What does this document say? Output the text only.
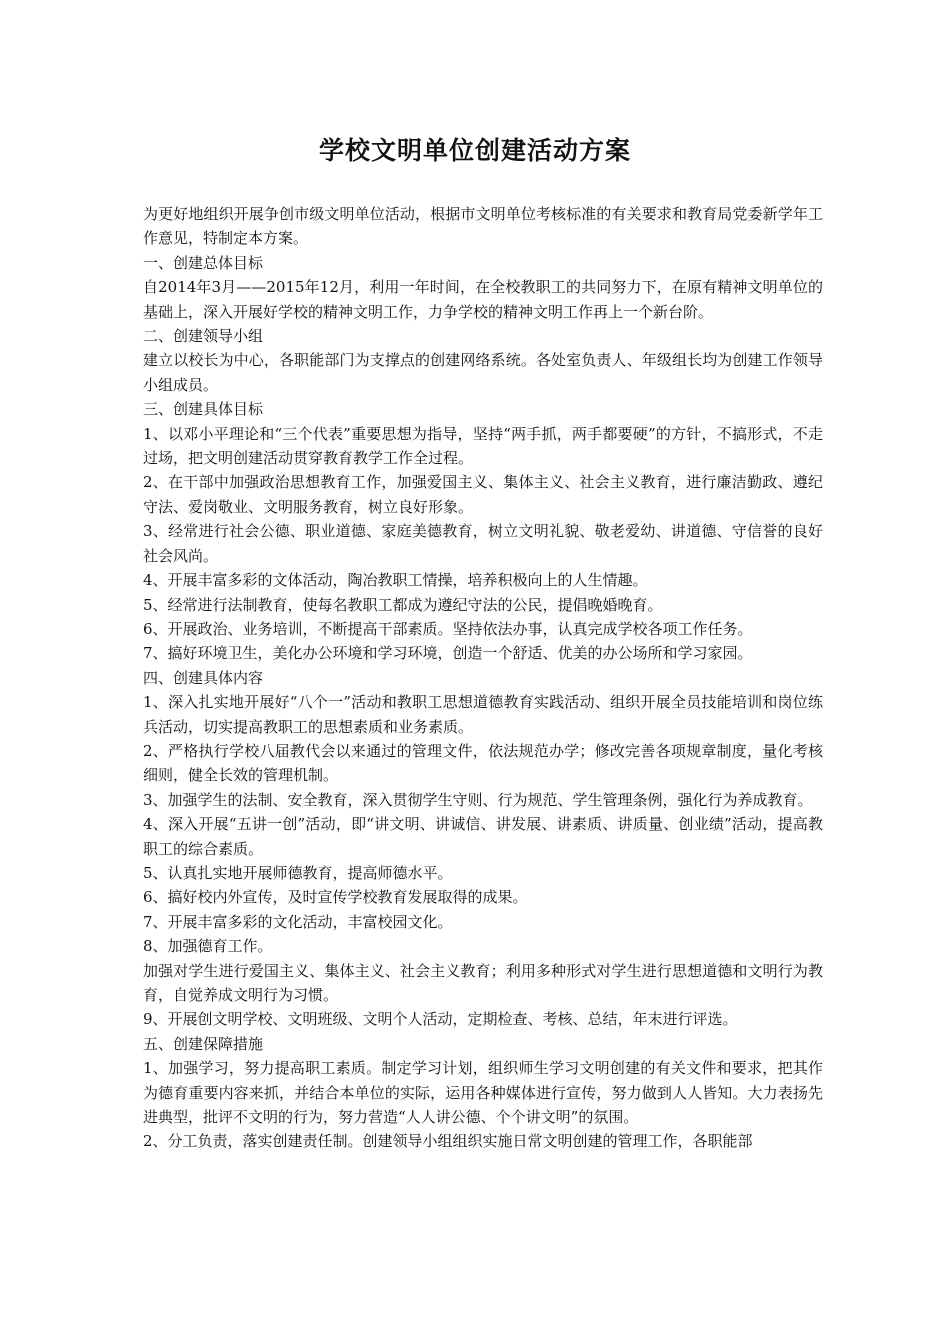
学校文明单位创建活动方案

为更好地组织开展争创市级文明单位活动，根据市文明单位考核标准的有关要求和教育局党委新学年工作意见，特制定本方案。

一、创建总体目标

自2014年3月——2015年12月，利用一年时间，在全校教职工的共同努力下，在原有精神文明单位的基础上，深入开展好学校的精神文明工作，力争学校的精神文明工作再上一个新台阶。

二、创建领导小组

建立以校长为中心，各职能部门为支撑点的创建网络系统。各处室负责人、年级组长均为创建工作领导小组成员。

三、创建具体目标

1、以邓小平理论和“三个代表”重要思想为指导，坚持“两手抓，两手都要硬”的方针，不搞形式，不走过场，把文明创建活动贯穿教育教学工作全过程。

2、在干部中加强政治思想教育工作，加强爱国主义、集体主义、社会主义教育，进行廉洁勤政、遵纪守法、爱岗敬业、文明服务教育，树立良好形象。

3、经常进行社会公德、职业道德、家庭美德教育，树立文明礼貌、敬老爱幼、讲道德、守信誉的良好社会风尚。

4、开展丰富多彩的文体活动，陶冶教职工情操，培养积极向上的人生情趣。

5、经常进行法制教育，使每名教职工都成为遵纪守法的公民，提倡晚婚晚育。

6、开展政治、业务培训，不断提高干部素质。坚持依法办事，认真完成学校各项工作任务。

7、搞好环境卫生，美化办公环境和学习环境，创造一个舒适、优美的办公场所和学习家园。

四、创建具体内容

1、深入扎实地开展好“八个一”活动和教职工思想道德教育实践活动、组织开展全员技能培训和岗位练兵活动，切实提高教职工的思想素质和业务素质。

2、严格执行学校八届教代会以来通过的管理文件，依法规范办学；修改完善各项规章制度，量化考核细则，健全长效的管理机制。

3、加强学生的法制、安全教育，深入贯彻学生守则、行为规范、学生管理条例，强化行为养成教育。

4、深入开展“五讲一创”活动，即“讲文明、讲诚信、讲发展、讲素质、讲质量、创业绩”活动，提高教职工的综合素质。

5、认真扎实地开展师德教育，提高师德水平。

6、搞好校内外宣传，及时宣传学校教育发展取得的成果。

7、开展丰富多彩的文化活动，丰富校园文化。

8、加强德育工作。

加强对学生进行爱国主义、集体主义、社会主义教育；利用多种形式对学生进行思想道德和文明行为教育，自觉养成文明行为习惯。

9、开展创文明学校、文明班级、文明个人活动，定期检查、考核、总结，年末进行评选。

五、创建保障措施

1、加强学习，努力提高职工素质。制定学习计划，组织师生学习文明创建的有关文件和要求，把其作为德育重要内容来抓，并结合本单位的实际，运用各种媒体进行宣传，努力做到人人皆知。大力表扬先进典型，批评不文明的行为，努力营造“人人讲公德、个个讲文明”的氛围。

2、分工负责，落实创建责任制。创建领导小组组织实施日常文明创建的管理工作，各职能部
